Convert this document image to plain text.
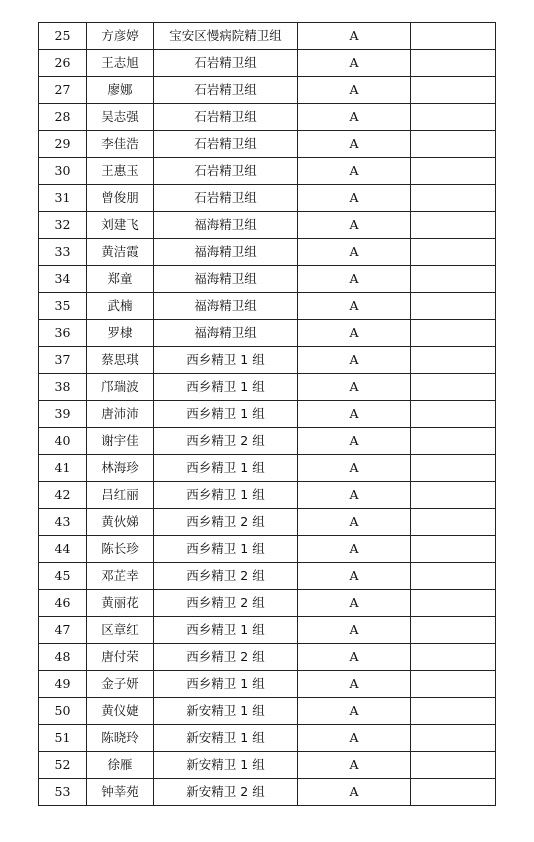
25	方彦婷	宝安区慢病院精卫组	A	
26	王志旭	石岩精卫组	A	
27	廖娜	石岩精卫组	A	
28	吴志强	石岩精卫组	A	
29	李佳浩	石岩精卫组	A	
30	王惠玉	石岩精卫组	A	
31	曾俊朋	石岩精卫组	A	
32	刘建飞	福海精卫组	A	
33	黄洁霞	福海精卫组	A	
34	郑童	福海精卫组	A	
35	武楠	福海精卫组	A	
36	罗棣	福海精卫组	A	
37	蔡思琪	西乡精卫 1 组	A	
38	邝瑞波	西乡精卫 1 组	A	
39	唐沛沛	西乡精卫 1 组	A	
40	谢宇佳	西乡精卫 2 组	A	
41	林海珍	西乡精卫 1 组	A	
42	吕红丽	西乡精卫 1 组	A	
43	黄伙娣	西乡精卫 2 组	A	
44	陈长珍	西乡精卫 1 组	A	
45	邓芷幸	西乡精卫 2 组	A	
46	黄丽花	西乡精卫 2 组	A	
47	区章红	西乡精卫 1 组	A	
48	唐付荣	西乡精卫 2 组	A	
49	金子妍	西乡精卫 1 组	A	
50	黄仪婕	新安精卫 1 组	A	
51	陈晓玲	新安精卫 1 组	A	
52	徐雁	新安精卫 1 组	A	
53	钟莘苑	新安精卫 2 组	A	
